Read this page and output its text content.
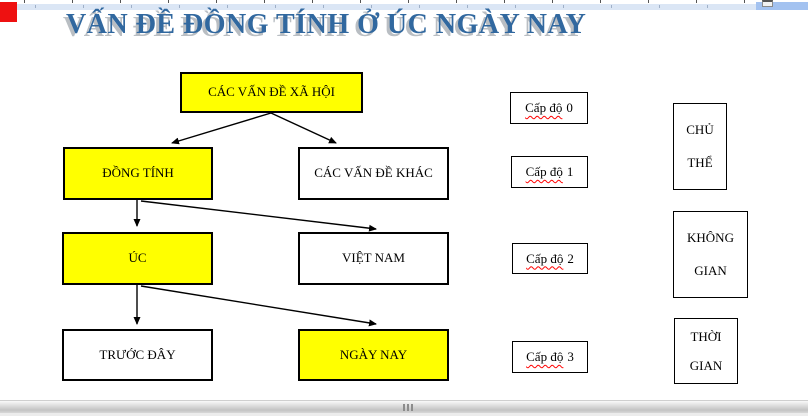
VẤN ĐỀ ĐỒNG TÍNH Ở ÚC NGÀY NAY
CÁC VẤN ĐỀ XÃ HỘI
ĐỒNG TÍNH	CÁC VẤN ĐỀ KHÁC
ÚC	VIỆT NAM
TRƯỚC ĐÂY	NGÀY NAY
Cấp độ 0
Cấp độ 1
Cấp độ 2
Cấp độ 3
CHỦ
THỂ
KHÔNG
GIAN
THỜI
GIAN
